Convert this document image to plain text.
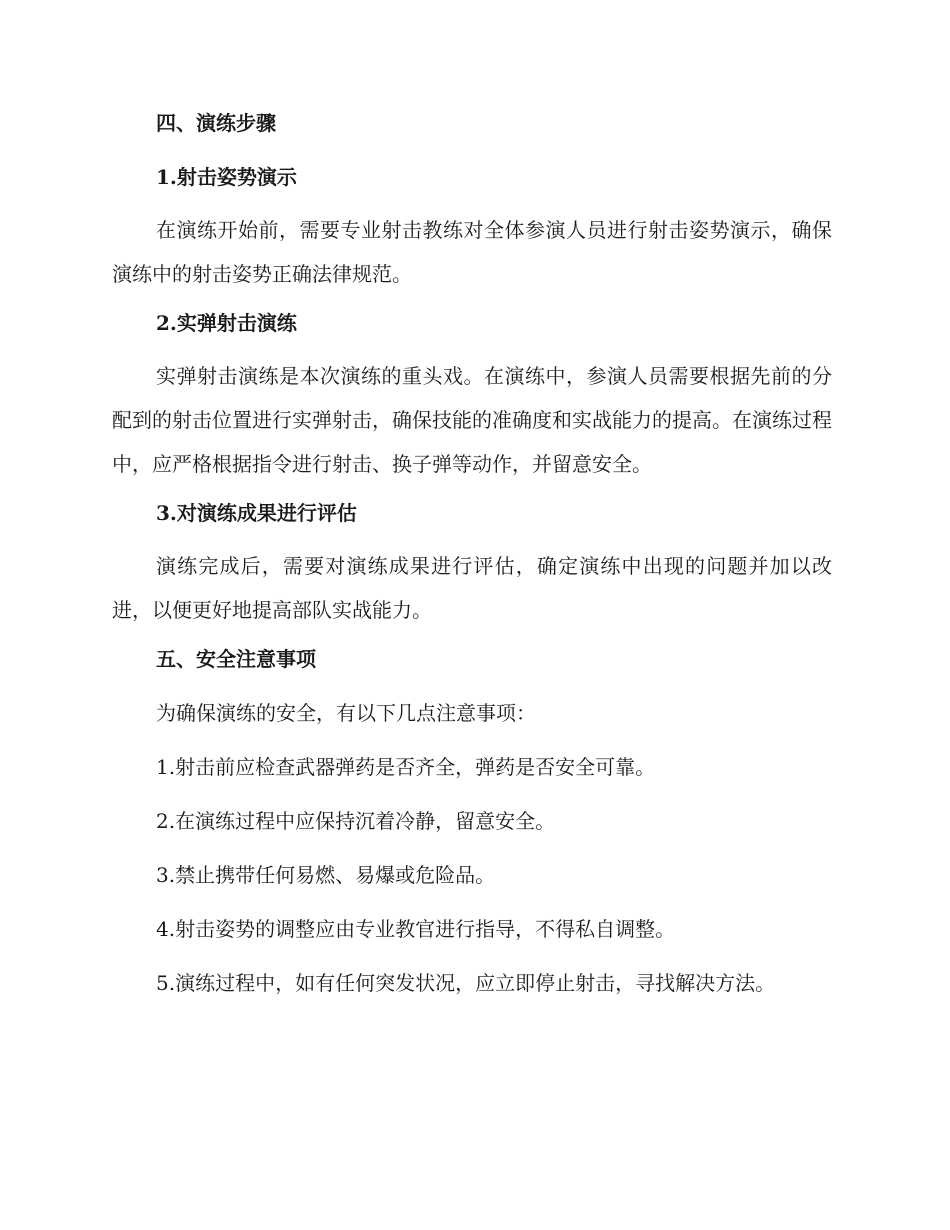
四、演练步骤
1.射击姿势演示
在演练开始前，需要专业射击教练对全体参演人员进行射击姿势演示，确保演练中的射击姿势正确法律规范。
2.实弹射击演练
实弹射击演练是本次演练的重头戏。在演练中，参演人员需要根据先前的分配到的射击位置进行实弹射击，确保技能的准确度和实战能力的提高。在演练过程中，应严格根据指令进行射击、换子弹等动作，并留意安全。
3.对演练成果进行评估
演练完成后，需要对演练成果进行评估，确定演练中出现的问题并加以改进，以便更好地提高部队实战能力。
五、安全注意事项
为确保演练的安全，有以下几点注意事项：
1.射击前应检查武器弹药是否齐全，弹药是否安全可靠。
2.在演练过程中应保持沉着冷静，留意安全。
3.禁止携带任何易燃、易爆或危险品。
4.射击姿势的调整应由专业教官进行指导，不得私自调整。
5.演练过程中，如有任何突发状况，应立即停止射击，寻找解决方法。
